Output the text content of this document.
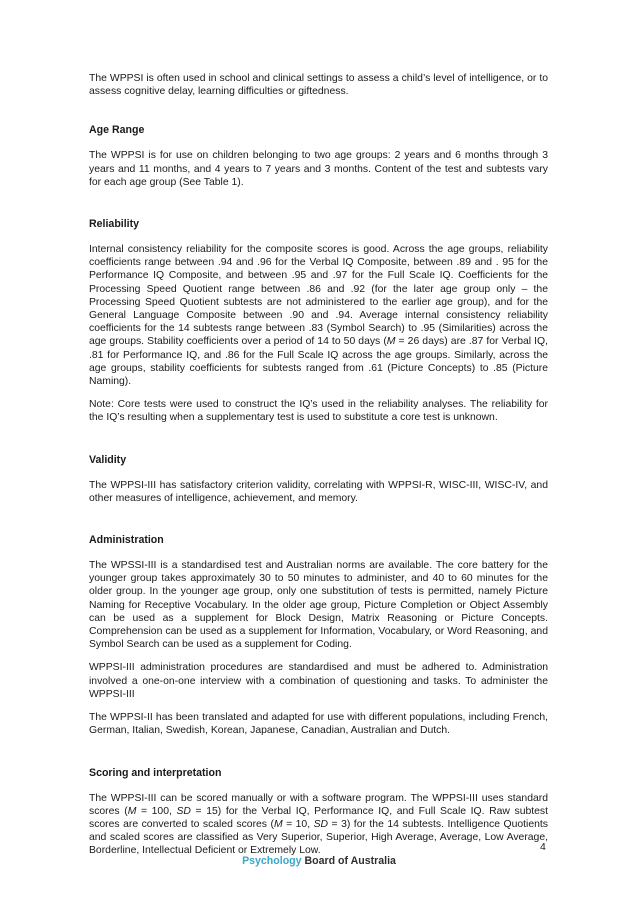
The WPPSI is often used in school and clinical settings to assess a child’s level of intelligence, or to assess cognitive delay, learning difficulties or giftedness.

Age Range

The WPPSI is for use on children belonging to two age groups: 2 years and 6 months through 3 years and 11 months, and 4 years to 7 years and 3 months. Content of the test and subtests vary for each age group (See Table 1).

Reliability

Internal consistency reliability for the composite scores is good. Across the age groups, reliability coefficients range between .94 and .96 for the Verbal IQ Composite, between .89 and . 95 for the Performance IQ Composite, and between .95 and .97 for the Full Scale IQ. Coefficients for the Processing Speed Quotient range between .86 and .92 (for the later age group only – the Processing Speed Quotient subtests are not administered to the earlier age group), and for the General Language Composite between .90 and .94. Average internal consistency reliability coefficients for the 14 subtests range between .83 (Symbol Search) to .95 (Similarities) across the age groups. Stability coefficients over a period of 14 to 50 days (M = 26 days) are .87 for Verbal IQ, .81 for Performance IQ, and .86 for the Full Scale IQ across the age groups. Similarly, across the age groups, stability coefficients for subtests ranged from .61 (Picture Concepts) to .85 (Picture Naming).

Note: Core tests were used to construct the IQ’s used in the reliability analyses. The reliability for the IQ’s resulting when a supplementary test is used to substitute a core test is unknown.

Validity

The WPPSI-III has satisfactory criterion validity, correlating with WPPSI-R, WISC-III, WISC-IV, and other measures of intelligence, achievement, and memory.

Administration

The WPSSI-III is a standardised test and Australian norms are available. The core battery for the younger group takes approximately 30 to 50 minutes to administer, and 40 to 60 minutes for the older group. In the younger age group, only one substitution of tests is permitted, namely Picture Naming for Receptive Vocabulary. In the older age group, Picture Completion or Object Assembly can be used as a supplement for Block Design, Matrix Reasoning or Picture Concepts. Comprehension can be used as a supplement for Information, Vocabulary, or Word Reasoning, and Symbol Search can be used as a supplement for Coding.

WPPSI-III administration procedures are standardised and must be adhered to. Administration involved a one-on-one interview with a combination of questioning and tasks. To administer the WPPSI-III

The WPPSI-II has been translated and adapted for use with different populations, including French, German, Italian, Swedish, Korean, Japanese, Canadian, Australian and Dutch.

Scoring and interpretation

The WPPSI-III can be scored manually or with a software program. The WPPSI-III uses standard scores (M = 100, SD = 15) for the Verbal IQ, Performance IQ, and Full Scale IQ. Raw subtest scores are converted to scaled scores (M = 10, SD = 3) for the 14 subtests. Intelligence Quotients and scaled scores are classified as Very Superior, Superior, High Average, Average, Low Average, Borderline, Intellectual Deficient or Extremely Low.	4
Psychology Board of Australia
